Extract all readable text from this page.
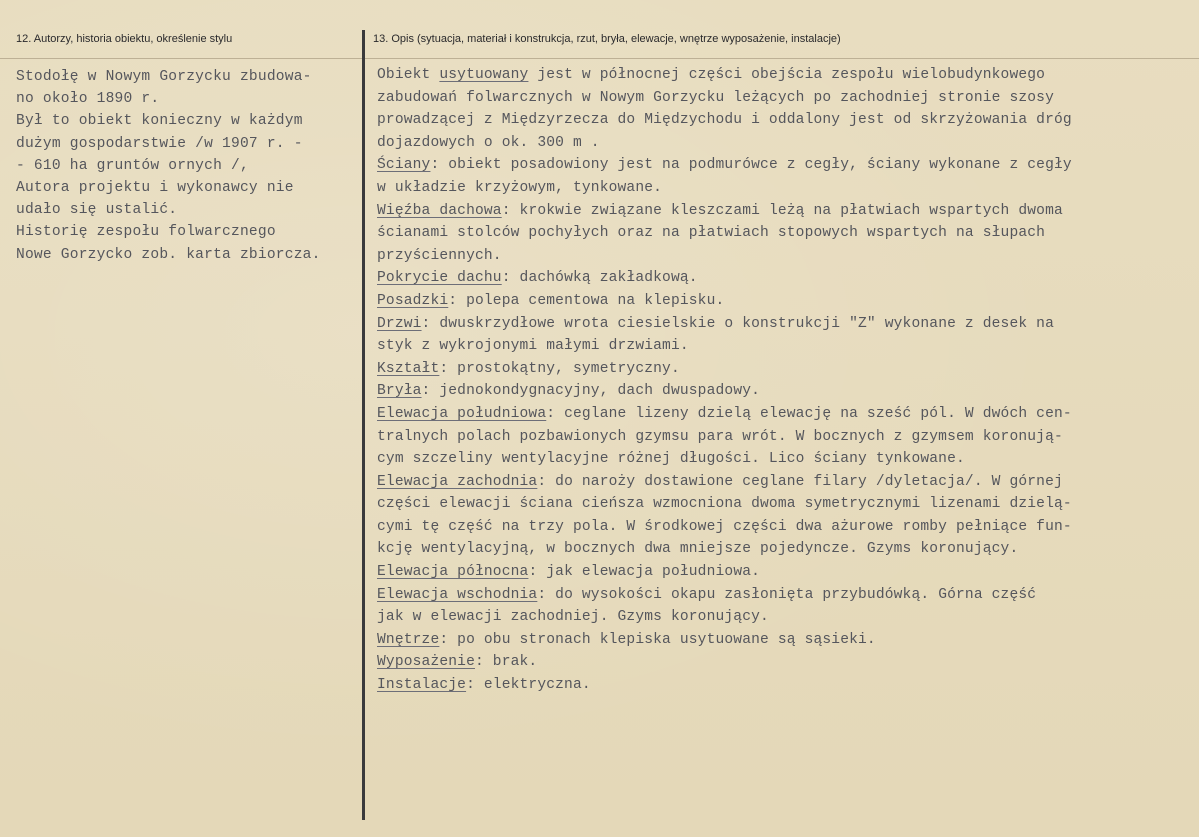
12. Autorzy, historia obiektu, określenie stylu	13. Opis (sytuacja, materiał i konstrukcja, rzut, bryła, elewacje, wnętrze wyposażenie, instalacje)
Stodołę w Nowym Gorzycku zbudowa-
no około 1890 r.
Był to obiekt konieczny w każdym
dużym gospodarstwie /w 1907 r. -
- 610 ha gruntów ornych /,
Autora projektu i wykonawcy nie
udało się ustalić.
Historię zespołu folwarcznego
Nowe Gorzycko zob. karta zbiorcza.
Obiekt usytuowany jest w północnej części obejścia zespołu wielobudynkowego
zabudowań folwarcznych w Nowym Gorzycku leżących po zachodniej stronie szosy
prowadzącej z Międzyrzecza do Międzychodu i oddalony jest od skrzyżowania dróg
dojazdowych o ok. 300 m .
Ściany: obiekt posadowiony jest na podmurówce z cegły, ściany wykonane z cegły
w układzie krzyżowym, tynkowane.
Więźba dachowa: krokwie związane kleszczami leżą na płatwiach wspartych dwoma
ścianami stolców pochyłych oraz na płatwiach stopowych wspartych na słupach
przyściennych.
Pokrycie dachu: dachówką zakładkową.
Posadzki: polepa cementowa na klepisku.
Drzwi: dwuskrzydłowe wrota ciesielskie o konstrukcji "Z" wykonane z desek na
styk z wykrojonymi małymi drzwiami.
Kształt: prostokątny, symetryczny.
Bryła: jednokondygnacyjny, dach dwuspadowy.
Elewacja południowa: ceglane lizeny dzielą elewację na sześć pól. W dwóch cen-
tralnych polach pozbawionych gzymsu para wrót. W bocznych z gzymsem koronują-
cym szczeliny wentylacyjne różnej długości. Lico ściany tynkowane.
Elewacja zachodnia: do naroży dostawione ceglane filary /dyletacja/. W górnej
części elewacji ściana cieńsza wzmocniona dwoma symetrycznymi lizenami dzielą-
cymi tę część na trzy pola. W środkowej części dwa ażurowe romby pełniące fun-
kcję wentylacyjną, w bocznych dwa mniejsze pojedyncze. Gzyms koronujący.
Elewacja północna: jak elewacja południowa.
Elewacja wschodnia: do wysokości okapu zasłonięta przybudówką. Górna część
jak w elewacji zachodniej. Gzyms koronujący.
Wnętrze: po obu stronach klepiska usytuowane są sąsieki.
Wyposażenie: brak.
Instalacje: elektryczna.
